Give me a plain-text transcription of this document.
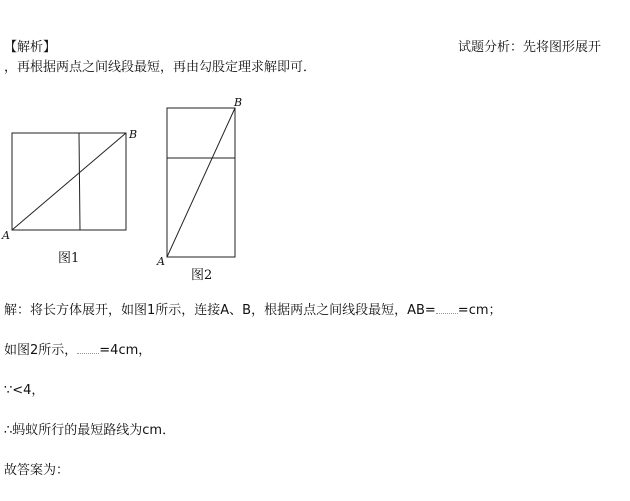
【解析】	试题分析：先将图形展开
，再根据两点之间线段最短，再由勾股定理求解即可．
A
B
图1	A
B
图2
解：将长方体展开，如图1所示，连接A、B，根据两点之间线段最短，AB= =cm；
如图2所示， =4cm，
∵<4，
∴蚂蚁所行的最短路线为cm．
故答案为：
